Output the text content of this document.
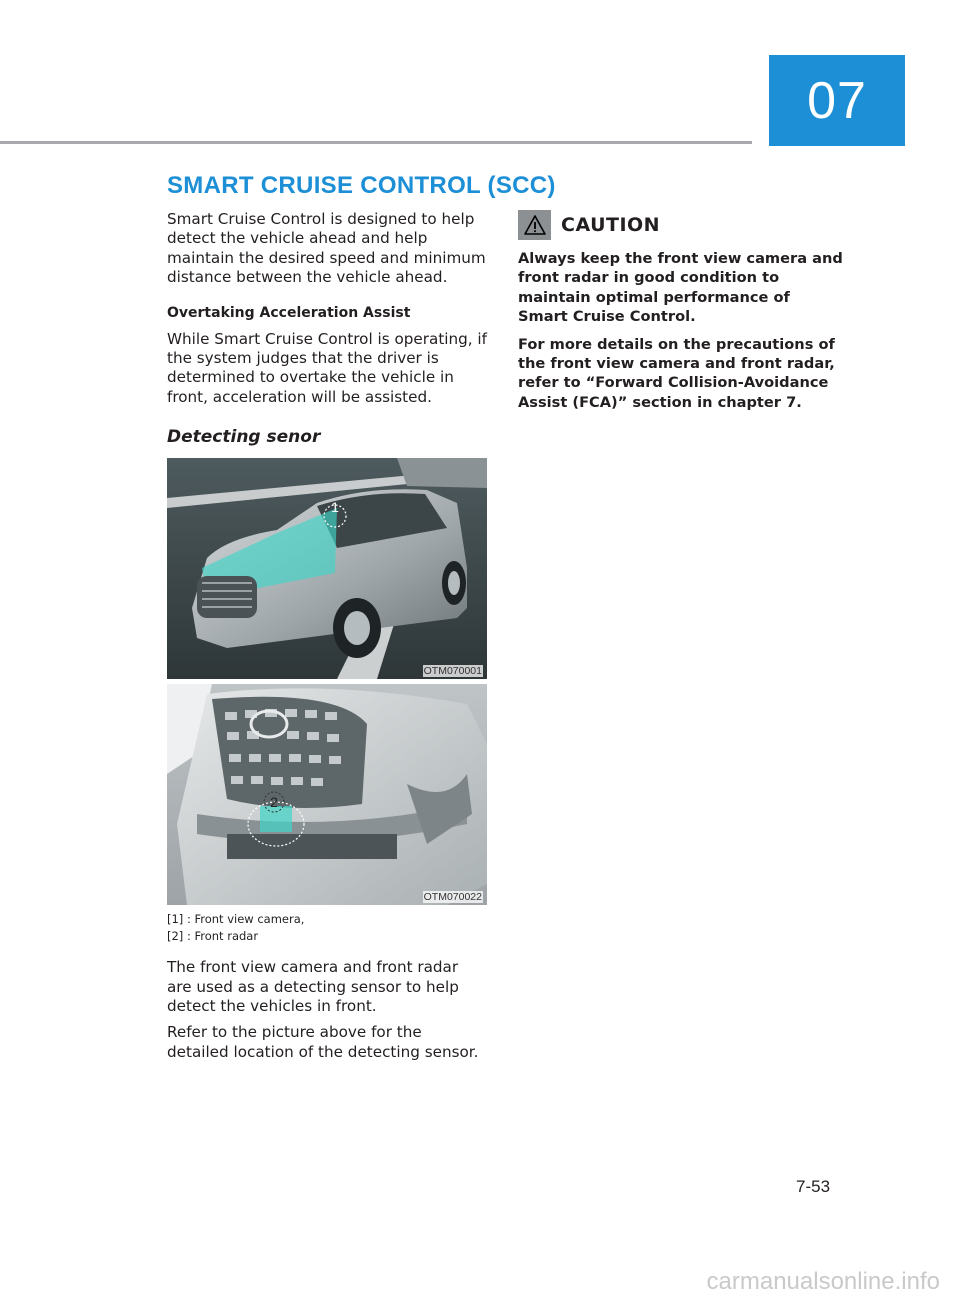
07
SMART CRUISE CONTROL (SCC)

Smart Cruise Control is designed to help detect the vehicle ahead and help maintain the desired speed and minimum distance between the vehicle ahead.

Overtaking Acceleration Assist

While Smart Cruise Control is operating, if the system judges that the driver is determined to overtake the vehicle in front, acceleration will be assisted.

Detecting senor

1
OTM070001
2
OTM070022
[1] : Front view camera,
[2] : Front radar

The front view camera and front radar are used as a detecting sensor to help detect the vehicles in front.

Refer to the picture above for the detailed location of the detecting sensor.

CAUTION

Always keep the front view camera and front radar in good condition to maintain optimal performance of Smart Cruise Control.

For more details on the precautions of the front view camera and front radar, refer to “Forward Collision-Avoidance Assist (FCA)” section in chapter 7.

7-53
carmanualsonline.info
